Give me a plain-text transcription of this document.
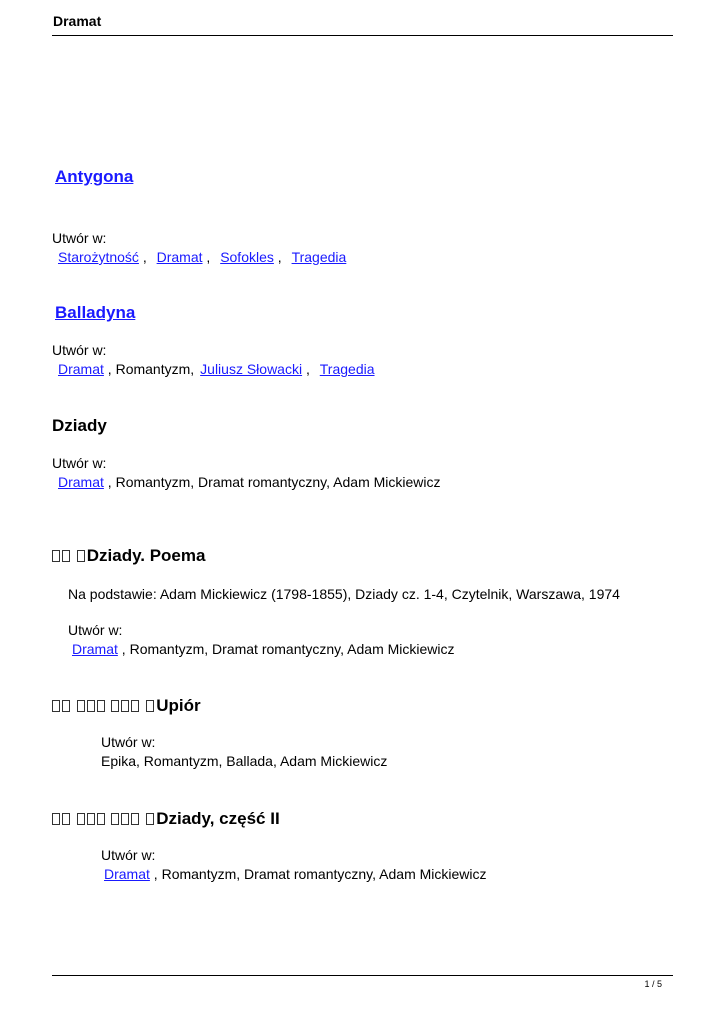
Dramat
Antygona
Utwór w:
Starożytność , Dramat , Sofokles , Tragedia
Balladyna
Utwór w:
Dramat , Romantyzm, Juliusz Słowacki , Tragedia
Dziady
Utwór w:
Dramat , Romantyzm, Dramat romantyczny, Adam Mickiewicz
Dziady. Poema
Na podstawie: Adam Mickiewicz (1798-1855), Dziady cz. 1-4, Czytelnik, Warszawa, 1974
Utwór w:
Dramat , Romantyzm, Dramat romantyczny, Adam Mickiewicz
Upiór
Utwór w:
Epika, Romantyzm, Ballada, Adam Mickiewicz
Dziady, część II
Utwór w:
Dramat , Romantyzm, Dramat romantyczny, Adam Mickiewicz
1 / 5
